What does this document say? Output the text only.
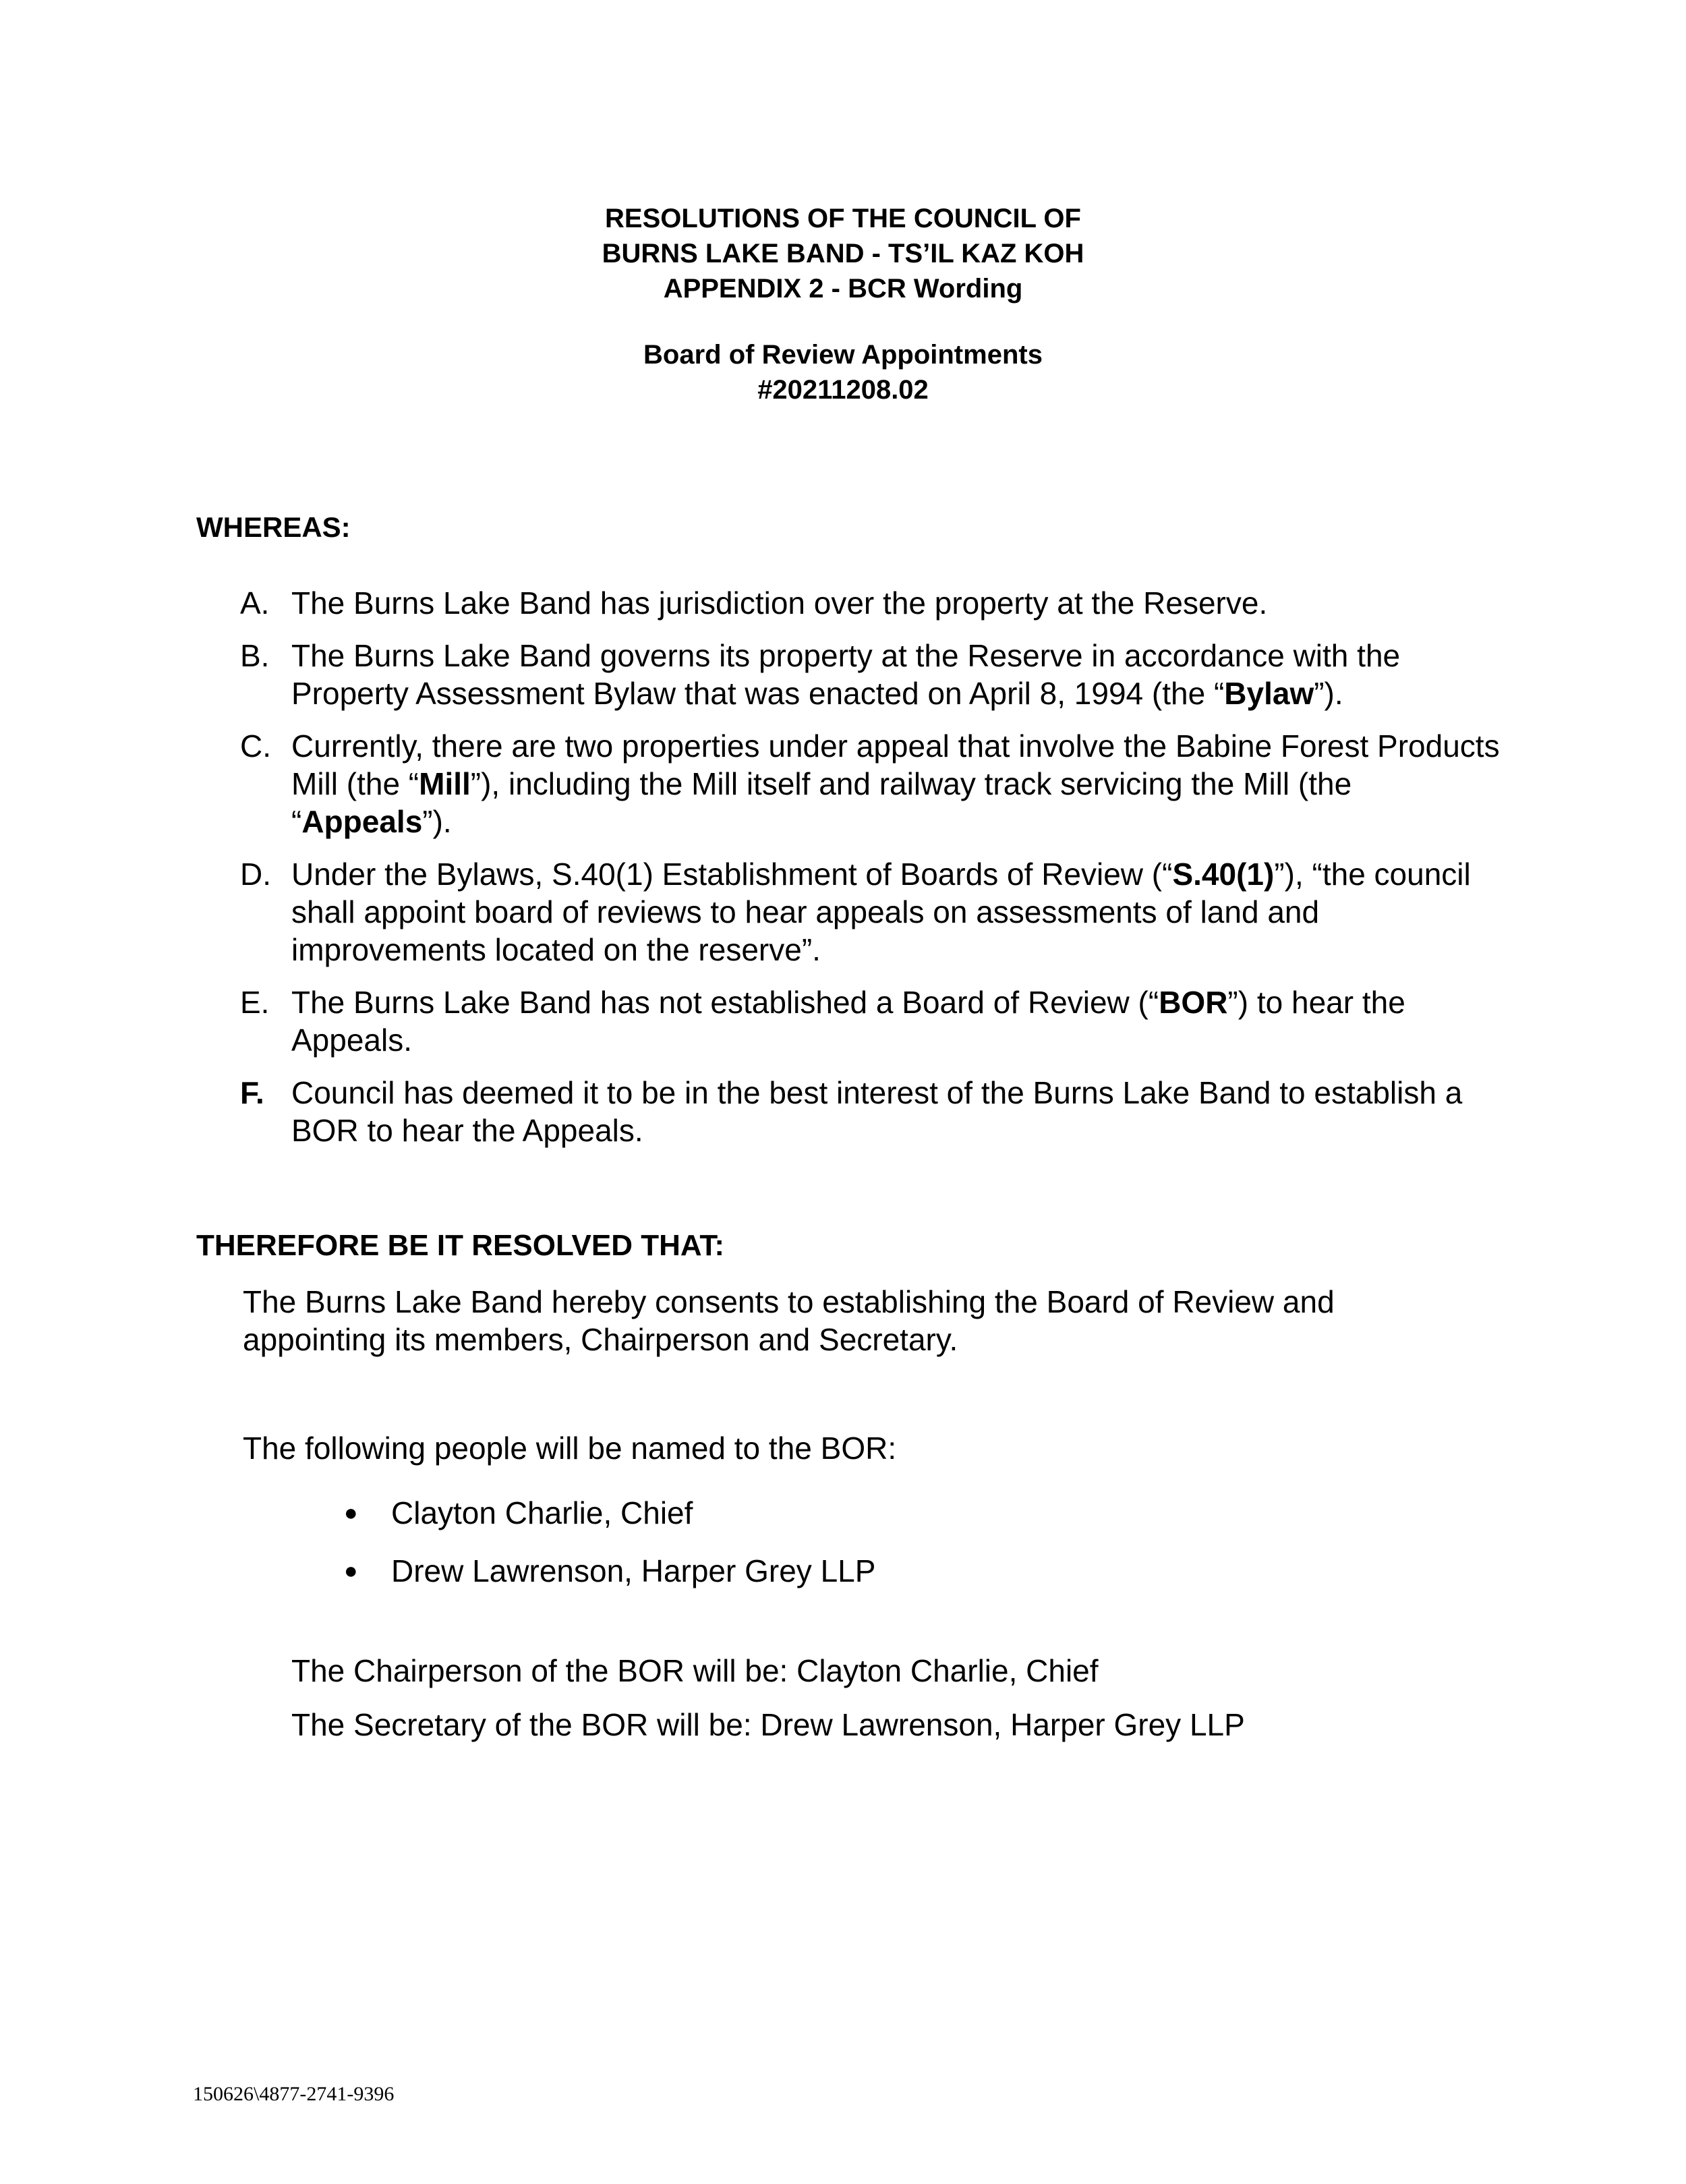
RESOLUTIONS OF THE COUNCIL OF
BURNS LAKE BAND - TS’IL KAZ KOH
APPENDIX 2 - BCR Wording
Board of Review Appointments
#20211208.02
WHEREAS:
A. The Burns Lake Band has jurisdiction over the property at the Reserve.
B. The Burns Lake Band governs its property at the Reserve in accordance with the Property Assessment Bylaw that was enacted on April 8, 1994 (the “Bylaw”).
C. Currently, there are two properties under appeal that involve the Babine Forest Products Mill (the “Mill”), including the Mill itself and railway track servicing the Mill (the “Appeals”).
D. Under the Bylaws, S.40(1) Establishment of Boards of Review (“S.40(1)”), “the council shall appoint board of reviews to hear appeals on assessments of land and improvements located on the reserve”.
E. The Burns Lake Band has not established a Board of Review (“BOR”) to hear the Appeals.
F. Council has deemed it to be in the best interest of the Burns Lake Band to establish a BOR to hear the Appeals.
THEREFORE BE IT RESOLVED THAT:
The Burns Lake Band hereby consents to establishing the Board of Review and appointing its members, Chairperson and Secretary.
The following people will be named to the BOR:
●	Clayton Charlie, Chief
●	Drew Lawrenson, Harper Grey LLP
The Chairperson of the BOR will be: Clayton Charlie, Chief
The Secretary of the BOR will be: Drew Lawrenson, Harper Grey LLP
150626\4877-2741-9396
